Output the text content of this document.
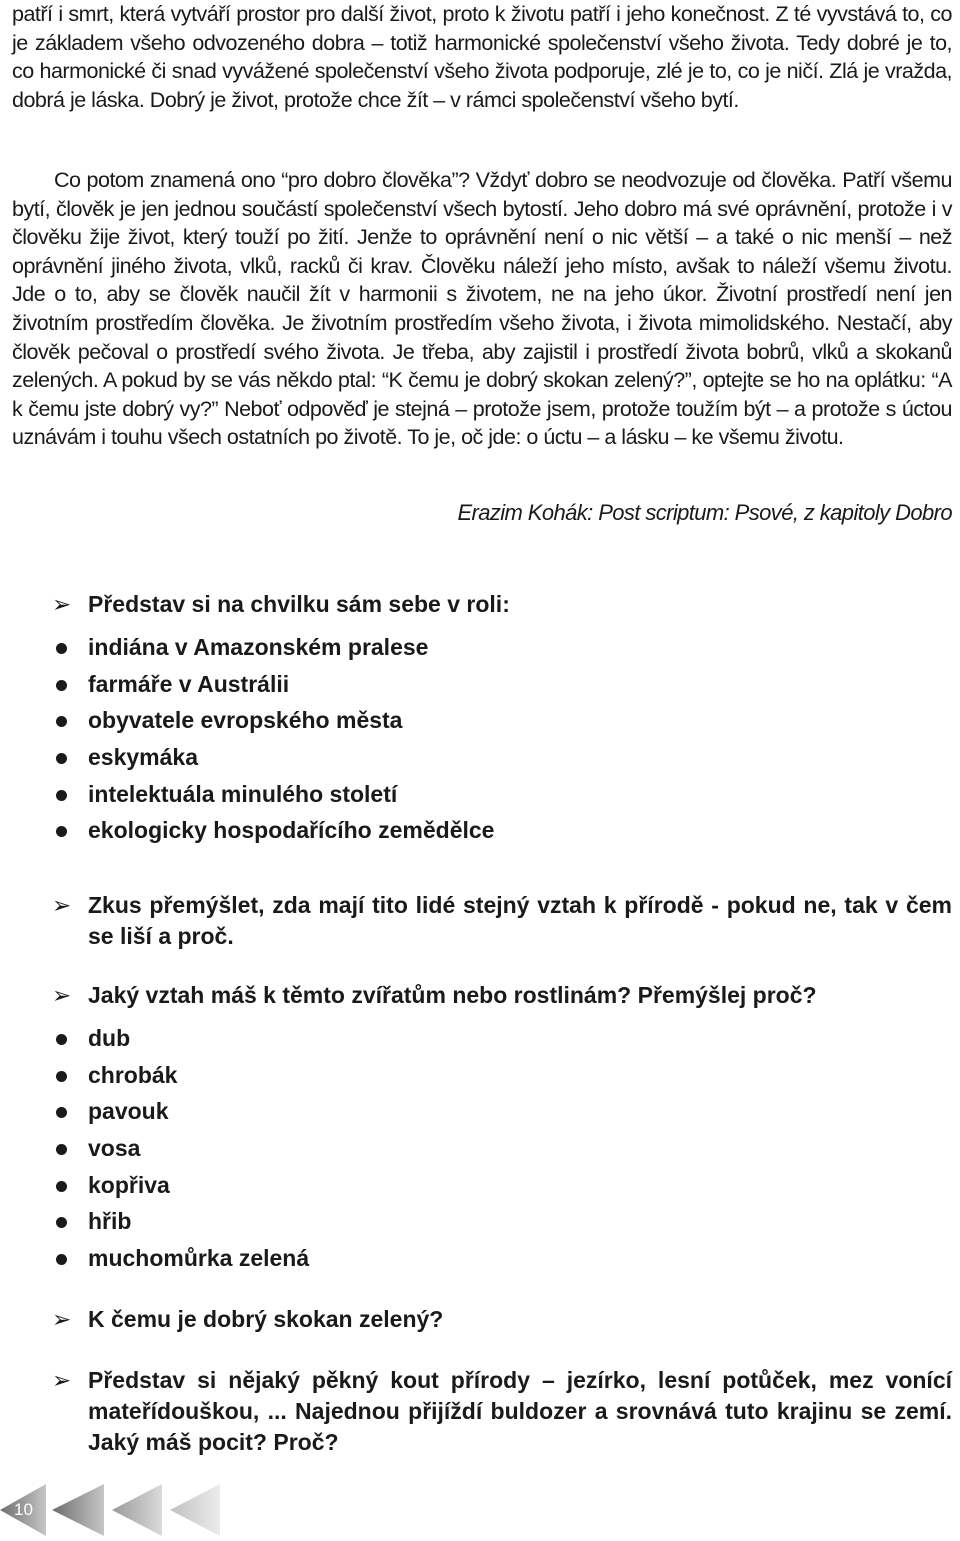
patří i smrt, která vytváří prostor pro další život, proto k životu patří i jeho konečnost. Z té vyvstává to, co je základem všeho odvozeného dobra – totiž harmonické společenství všeho života. Tedy dobré je to, co harmonické či snad vyvážené společenství všeho života podporuje, zlé je to, co je ničí. Zlá je vražda, dobrá je láska. Dobrý je život, protože chce žít – v rámci společenství všeho bytí.

Co potom znamená ono “pro dobro člověka”? Vždyť dobro se neodvozuje od člověka. Patří všemu bytí, člověk je jen jednou součástí společenství všech bytostí. Jeho dobro má své oprávnění, protože i v člověku žije život, který touží po žití. Jenže to oprávnění není o nic větší – a také o nic menší – než oprávnění jiného života, vlků, racků či krav. Člověku náleží jeho místo, avšak to náleží všemu životu. Jde o to, aby se člověk naučil žít v harmonii s životem, ne na jeho úkor. Životní prostředí není jen životním prostředím člověka. Je životním prostředím všeho života, i života mimolidského. Nestačí, aby člověk pečoval o prostředí svého života. Je třeba, aby zajistil i prostředí života bobrů, vlků a skokanů zelených. A pokud by se vás někdo ptal: “K čemu je dobrý skokan zelený?”, optejte se ho na oplátku: “A k čemu jste dobrý vy?” Neboť odpověď je stejná – protože jsem, protože toužím být – a protože s úctou uznávám i touhu všech ostatních po životě. To je, oč jde: o úctu – a lásku – ke všemu životu.

Erazim Kohák: Post scriptum: Psové, z kapitoly Dobro
➢ Představ si na chvilku sám sebe v roli:
indiána v Amazonském pralese
farmáře v Austrálii
obyvatele evropského města
eskymáka
intelektuála minulého století
ekologicky hospodařícího zemědělce
➢ Zkus přemýšlet, zda mají tito lidé stejný vztah k přírodě - pokud ne, tak v čem se liší a proč.
➢ Jaký vztah máš k těmto zvířatům nebo rostlinám? Přemýšlej proč?
dub
chrobák
pavouk
vosa
kopřiva
hřib
muchomůrka zelená
➢ K čemu je dobrý skokan zelený?
➢ Představ si nějaký pěkný kout přírody – jezírko, lesní potůček, mez vonící mateřídouškou, ... Najednou přijíždí buldozer a srovnává tuto krajinu se zemí. Jaký máš pocit? Proč?
10
